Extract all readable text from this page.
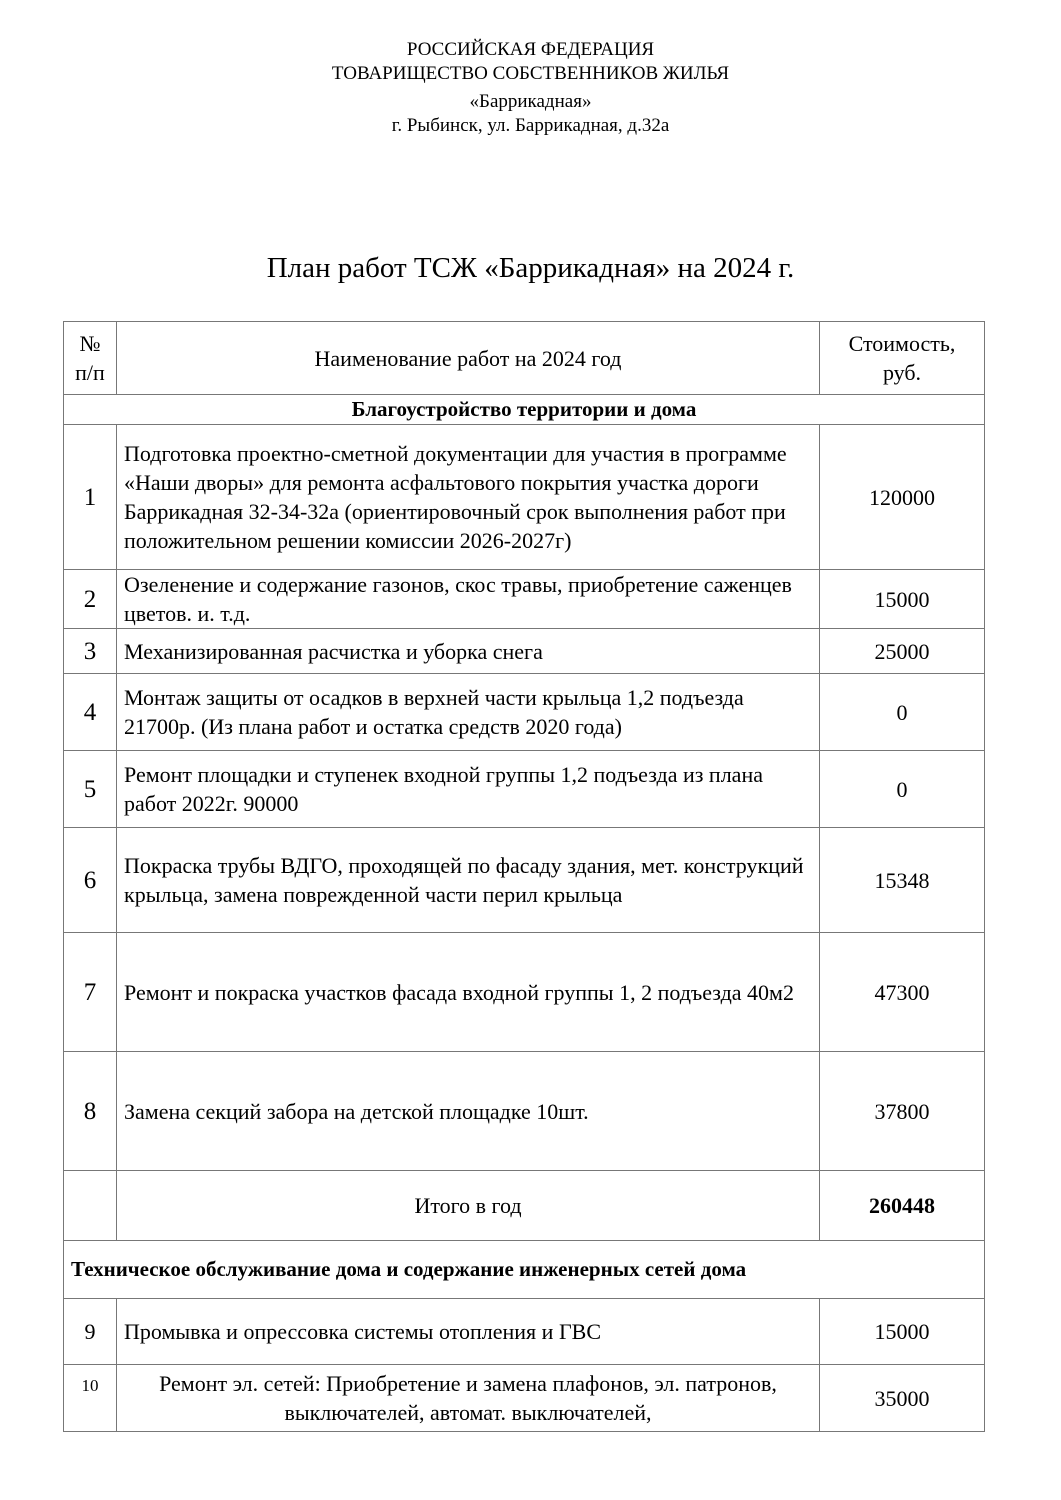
РОССИЙСКАЯ ФЕДЕРАЦИЯ
ТОВАРИЩЕСТВО СОБСТВЕННИКОВ ЖИЛЬЯ
«Баррикадная»
г. Рыбинск, ул. Баррикадная, д.32а
План работ ТСЖ «Баррикадная» на 2024 г.
№ п/п	Наименование работ на 2024 год	Стоимость, руб.
Благоустройство территории и дома		
1	Подготовка проектно-сметной документации для участия в программе «Наши дворы» для ремонта асфальтового покрытия участка дороги Баррикадная 32-34-32а (ориентировочный срок выполнения работ при положительном решении комиссии 2026-2027г)	120000
2	Озеленение и содержание газонов, скос травы, приобретение саженцев цветов. и. т.д.	15000
3	Механизированная расчистка и уборка снега	25000
4	Монтаж защиты от осадков в верхней части крыльца 1,2 подъезда 21700р. (Из плана работ и остатка средств 2020 года)	0
5	Ремонт площадки и ступенек входной группы 1,2 подъезда из плана работ 2022г. 90000	0
6	Покраска трубы ВДГО, проходящей по фасаду здания, мет. конструкций крыльца, замена поврежденной части перил крыльца	15348
7	Ремонт и покраска участков фасада входной группы 1, 2 подъезда 40м2	47300
8	Замена секций забора на детской площадке 10шт.	37800
	Итого в год	260448
Техническое обслуживание дома и содержание инженерных сетей дома		
9	Промывка и опрессовка системы отопления и ГВС	15000
10	Ремонт эл. сетей: Приобретение и замена плафонов, эл. патронов, выключателей, автомат. выключателей,	35000
